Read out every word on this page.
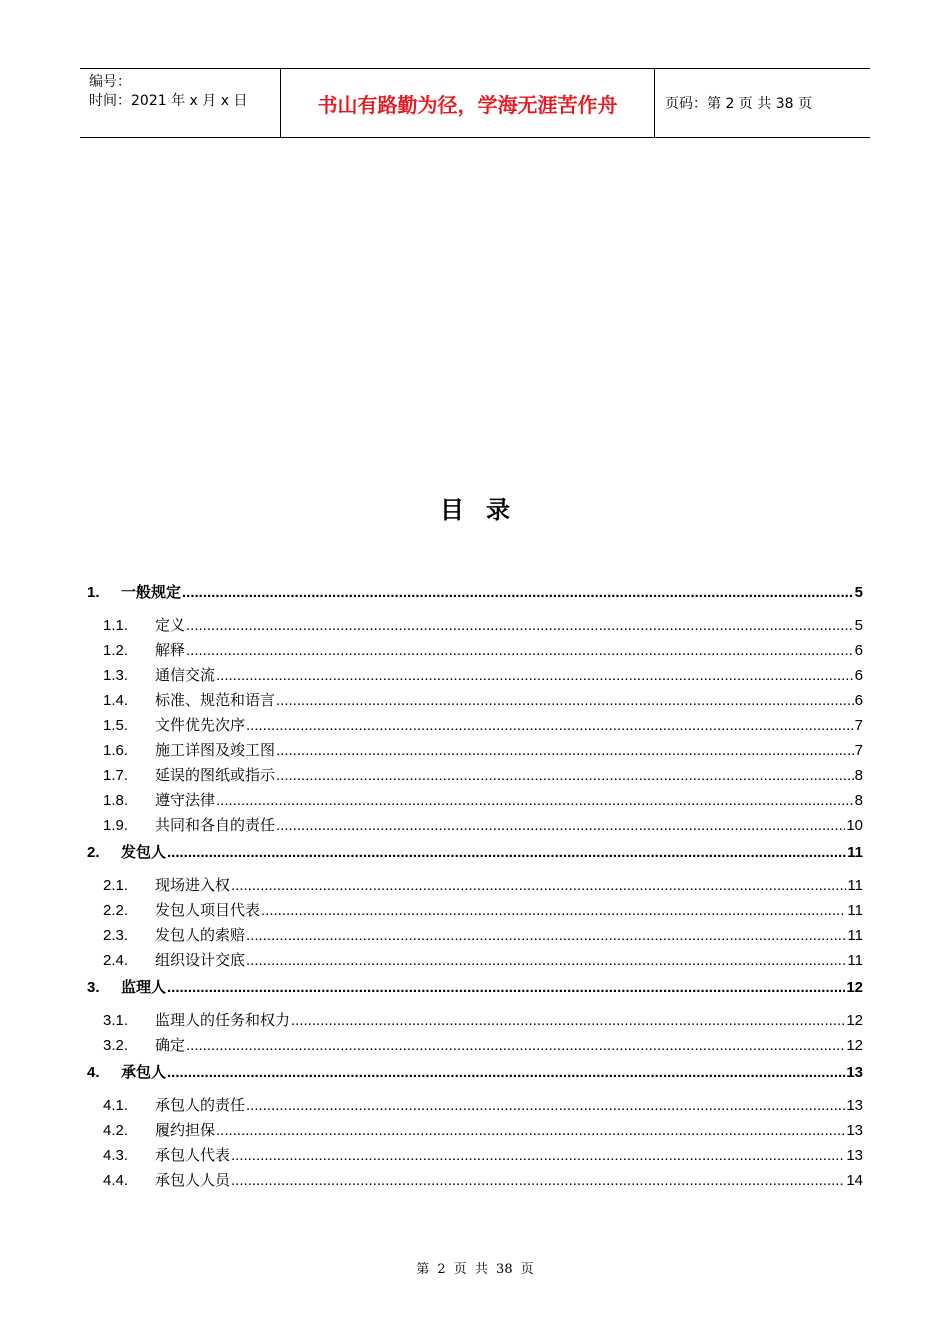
编号：
时间：2021 年 x 月 x 日	书山有路勤为径，学海无涯苦作舟	页码：第 2 页 共 38 页
目录
1.	一般规定 .....	5
1.1.	定义 .....	5
1.2.	解释 .....	6
1.3.	通信交流 .....	6
1.4.	标准、规范和语言 .....	6
1.5.	文件优先次序 .....	7
1.6.	施工详图及竣工图 .....	7
1.7.	延误的图纸或指示 .....	8
1.8.	遵守法律 .....	8
1.9.	共同和各自的责任 .....	10
2.	发包人 .....	11
2.1.	现场进入权 .....	11
2.2.	发包人项目代表 .....	11
2.3.	发包人的索赔 .....	11
2.4.	组织设计交底 .....	11
3.	监理人 .....	12
3.1.	监理人的任务和权力 .....	12
3.2.	确定 .....	12
4.	承包人 .....	13
4.1.	承包人的责任 .....	13
4.2.	履约担保 .....	13
4.3.	承包人代表 .....	13
4.4.	承包人人员 .....	14
第 2 页 共 38 页
